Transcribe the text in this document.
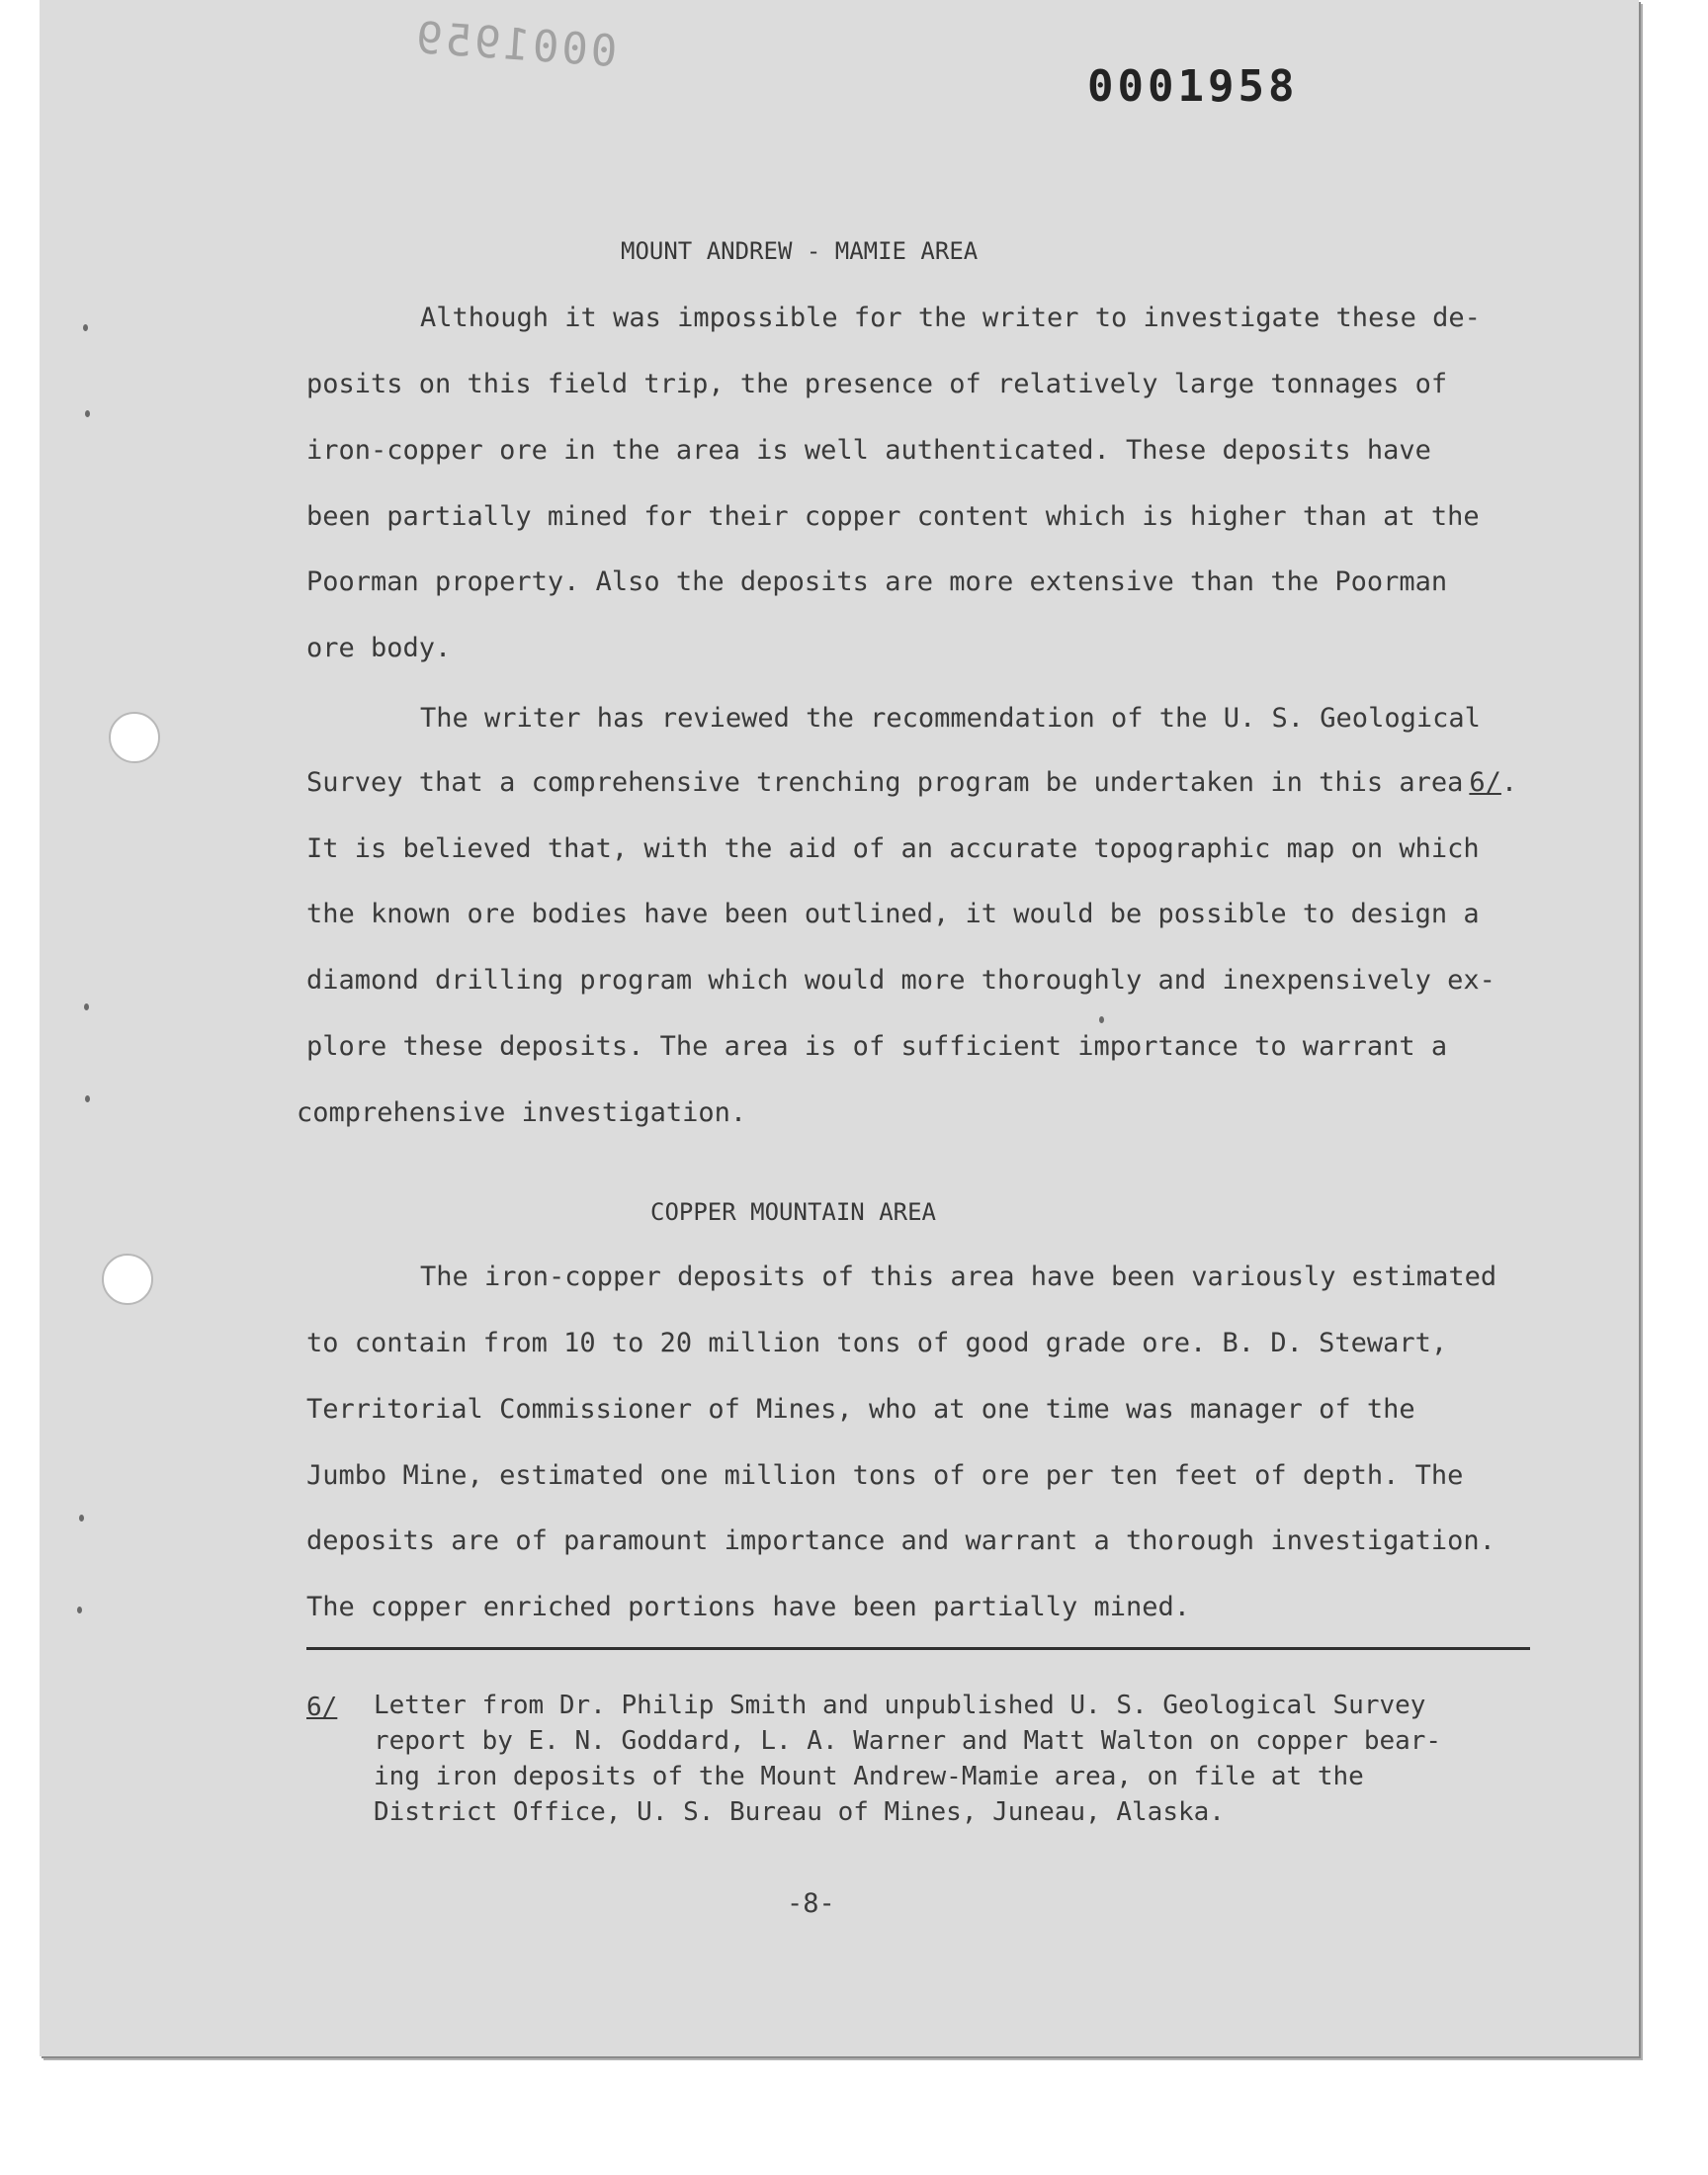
0001959
0001958
MOUNT ANDREW - MAMIE AREA
Although it was impossible for the writer to investigate these de-
posits on this field trip, the presence of relatively large tonnages of
iron-copper ore in the area is well authenticated. These deposits have
been partially mined for their copper content which is higher than at the
Poorman property. Also the deposits are more extensive than the Poorman
ore body.
The writer has reviewed the recommendation of the U. S. Geological
Survey that a comprehensive trenching program be undertaken in this area 6/.
It is believed that, with the aid of an accurate topographic map on which
the known ore bodies have been outlined, it would be possible to design a
diamond drilling program which would more thoroughly and inexpensively ex-
plore these deposits. The area is of sufficient importance to warrant a
comprehensive investigation.
COPPER MOUNTAIN AREA
The iron-copper deposits of this area have been variously estimated
to contain from 10 to 20 million tons of good grade ore. B. D. Stewart,
Territorial Commissioner of Mines, who at one time was manager of the
Jumbo Mine, estimated one million tons of ore per ten feet of depth. The
deposits are of paramount importance and warrant a thorough investigation.
The copper enriched portions have been partially mined.
6/ Letter from Dr. Philip Smith and unpublished U. S. Geological Survey
report by E. N. Goddard, L. A. Warner and Matt Walton on copper bear-
ing iron deposits of the Mount Andrew-Mamie area, on file at the
District Office, U. S. Bureau of Mines, Juneau, Alaska.
-8-
